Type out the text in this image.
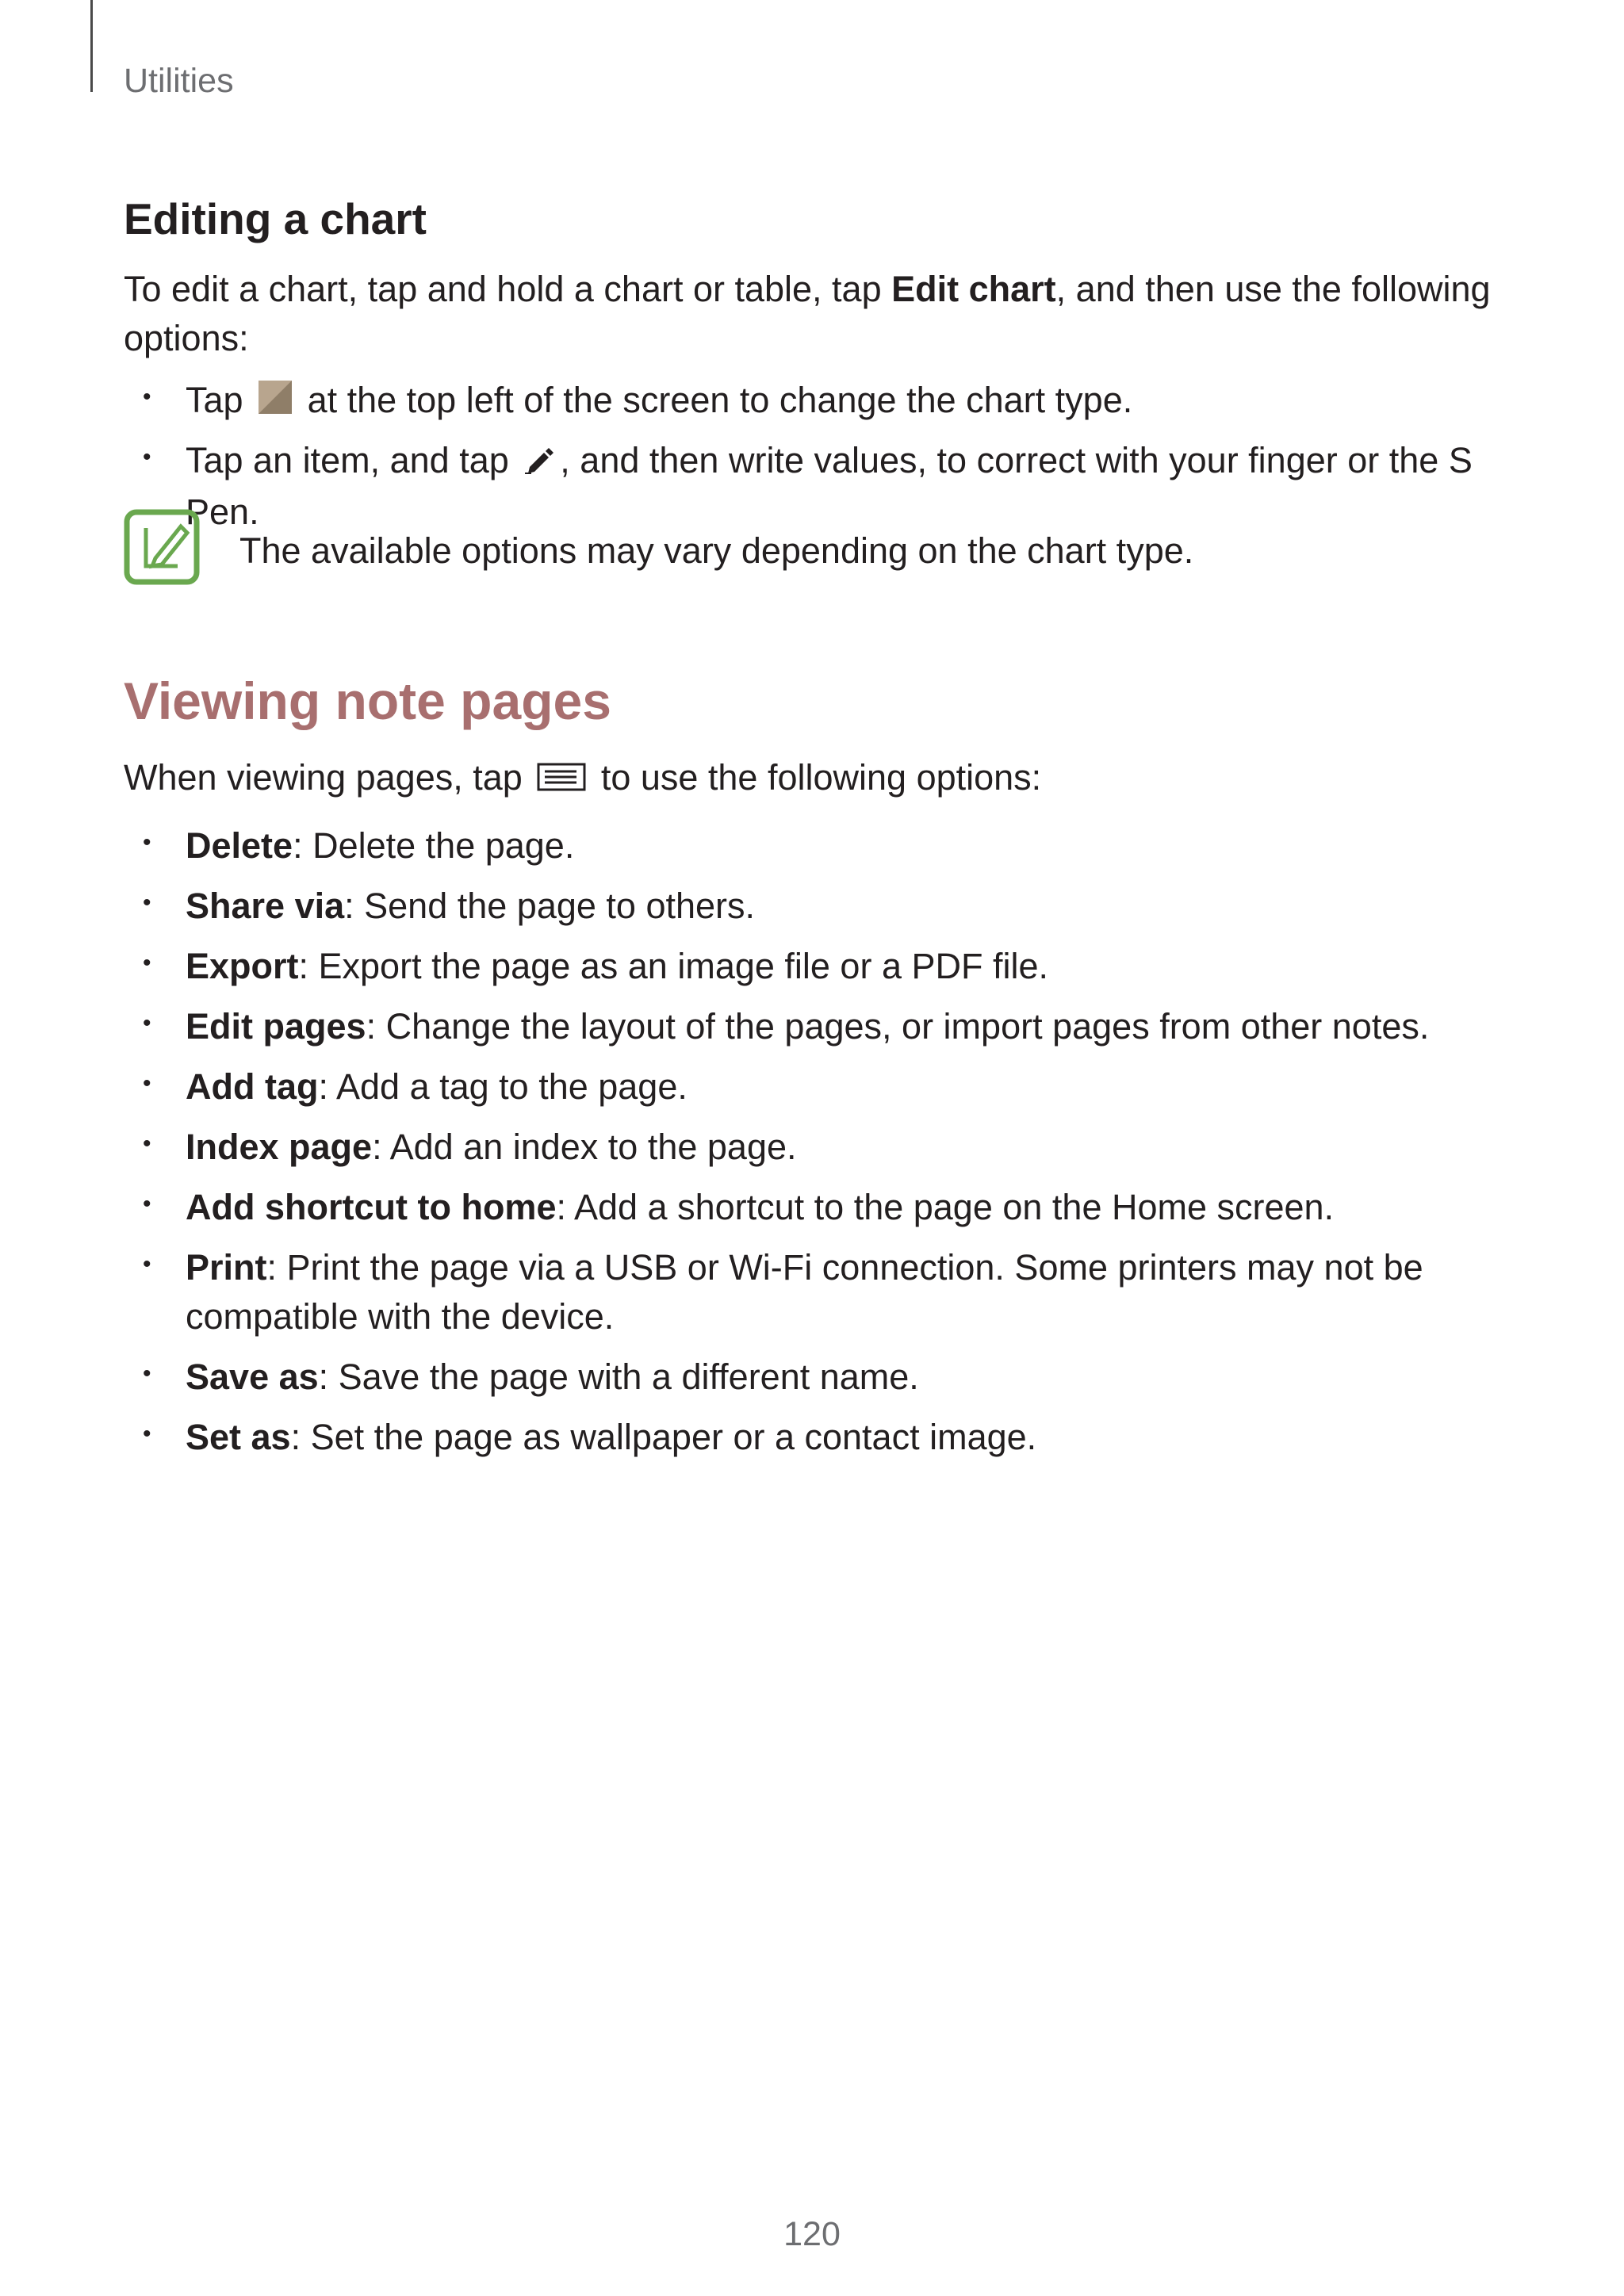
Utilities
Editing a chart

To edit a chart, tap and hold a chart or table, tap Edit chart, and then use the following options:

• Tap  at the top left of the screen to change the chart type.

• Tap an item, and tap , and then write values, to correct with your finger or the S Pen.

The available options may vary depending on the chart type.

Viewing note pages

When viewing pages, tap  to use the following options:

• Delete: Delete the page.

• Share via: Send the page to others.

• Export: Export the page as an image file or a PDF file.

• Edit pages: Change the layout of the pages, or import pages from other notes.

• Add tag: Add a tag to the page.

• Index page: Add an index to the page.

• Add shortcut to home: Add a shortcut to the page on the Home screen.

• Print: Print the page via a USB or Wi-Fi connection. Some printers may not be compatible with the device.

• Save as: Save the page with a different name.

• Set as: Set the page as wallpaper or a contact image.

120
